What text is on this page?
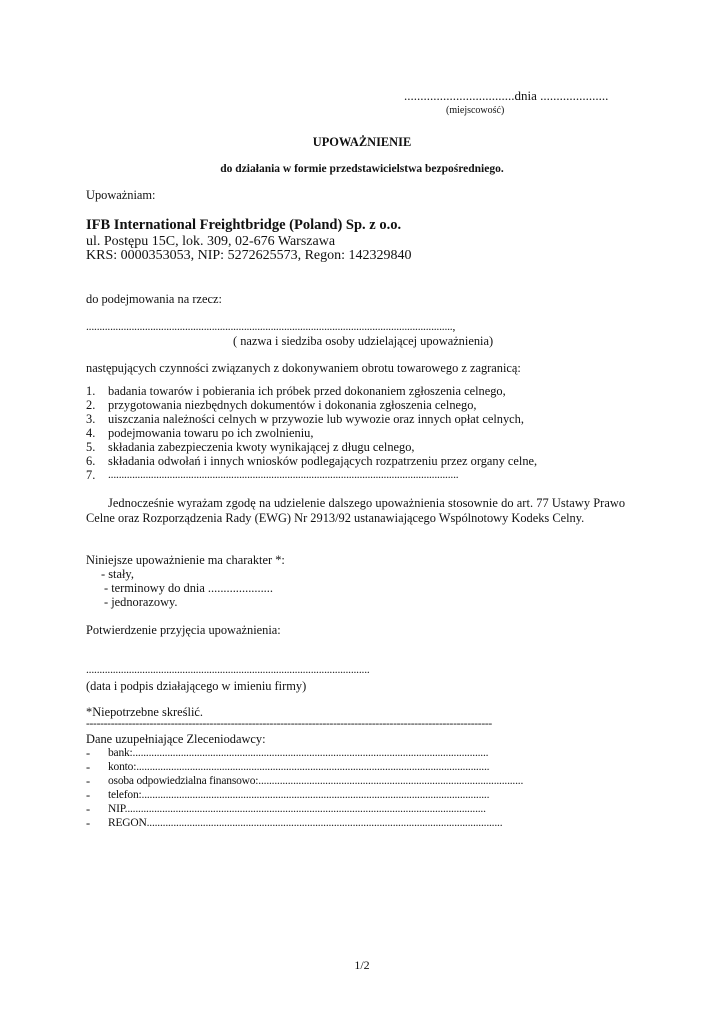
..................................dnia .....................
(miejscowość)
UPOWAŻNIENIE
do działania w formie przedstawicielstwa bezpośredniego.
Upoważniam:
IFB International Freightbridge (Poland) Sp. z o.o.
ul. Postępu 15C, lok. 309, 02-676 Warszawa
KRS: 0000353053, NIP: 5272625573, Regon: 142329840
do podejmowania na rzecz:
.........................................................................................................................................,
( nazwa i siedziba osoby udzielającej upoważnienia)
następujących czynności związanych z dokonywaniem obrotu towarowego z zagranicą:
1. badania towarów i pobierania ich próbek przed dokonaniem zgłoszenia celnego,
2. przygotowania niezbędnych dokumentów i dokonania zgłoszenia celnego,
3. uiszczania należności celnych w przywozie lub wywozie oraz innych opłat celnych,
4. podejmowania towaru po ich zwolnieniu,
5. składania zabezpieczenia kwoty wynikającej z długu celnego,
6. składania odwołań i innych wniosków podlegających rozpatrzeniu przez organy celne,
7. ...................................................................................................................................
Jednocześnie wyrażam zgodę na udzielenie dalszego upoważnienia stosownie do art. 77 Ustawy Prawo
Celne oraz Rozporządzenia Rady (EWG) Nr 2913/92 ustanawiającego Wspólnotowy Kodeks Celny.
Niniejsze upoważnienie ma charakter *:
- stały,
- terminowy do dnia .....................
- jednorazowy.
Potwierdzenie przyjęcia upoważnienia:
..........................................................................................................
(data i podpis działającego w imieniu firmy)
*Niepotrzebne skreślić.
-------------------------------------------------------------------------------------------------------------------
Dane uzupełniające Zleceniodawcy:
- bank:.....................................................................................................................................
- konto:....................................................................................................................................
- osoba odpowiedzialna finansowo:...................................................................................................
- telefon:..................................................................................................................................
- NIP.......................................................................................................................................
- REGON.....................................................................................................................................
1/2
